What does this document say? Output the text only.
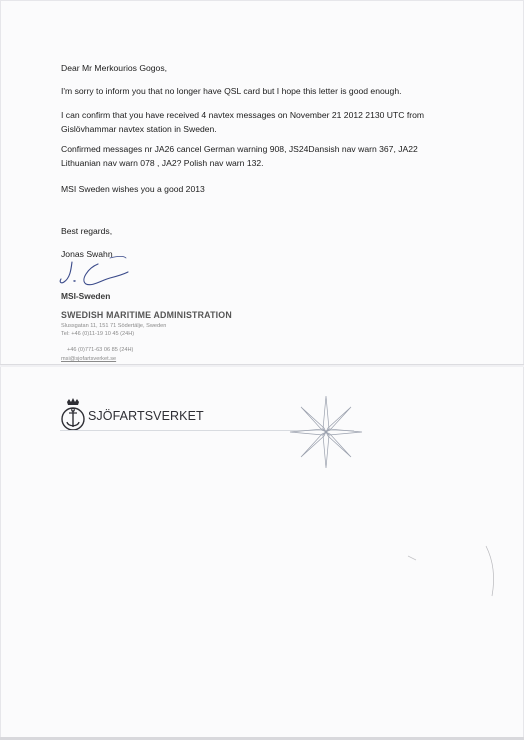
Dear Mr Merkourios Gogos,

I'm sorry to inform you that no longer have QSL card but I hope this letter is good enough.

I can confirm that you have received 4 navtex messages on November 21 2012 2130 UTC from
Gislövhammar navtex station in Sweden.

Confirmed messages nr JA26 cancel German warning 908, JS24Dansish nav warn 367, JA22
Lithuanian nav warn 078 , JA2? Polish nav warn 132.

MSI Sweden wishes you a good 2013

Best regards,

Jonas Swahn

MSI-Sweden

SWEDISH MARITIME ADMINISTRATION

Slussgatan 11, 151 71 Södertälje, Sweden

Tel: +46 (0)11-19 10 45 (24H)

+46 (0)771-63 06 85 (24H)

msi@sjofartsverket.se

SJÖFARTSVERKET
